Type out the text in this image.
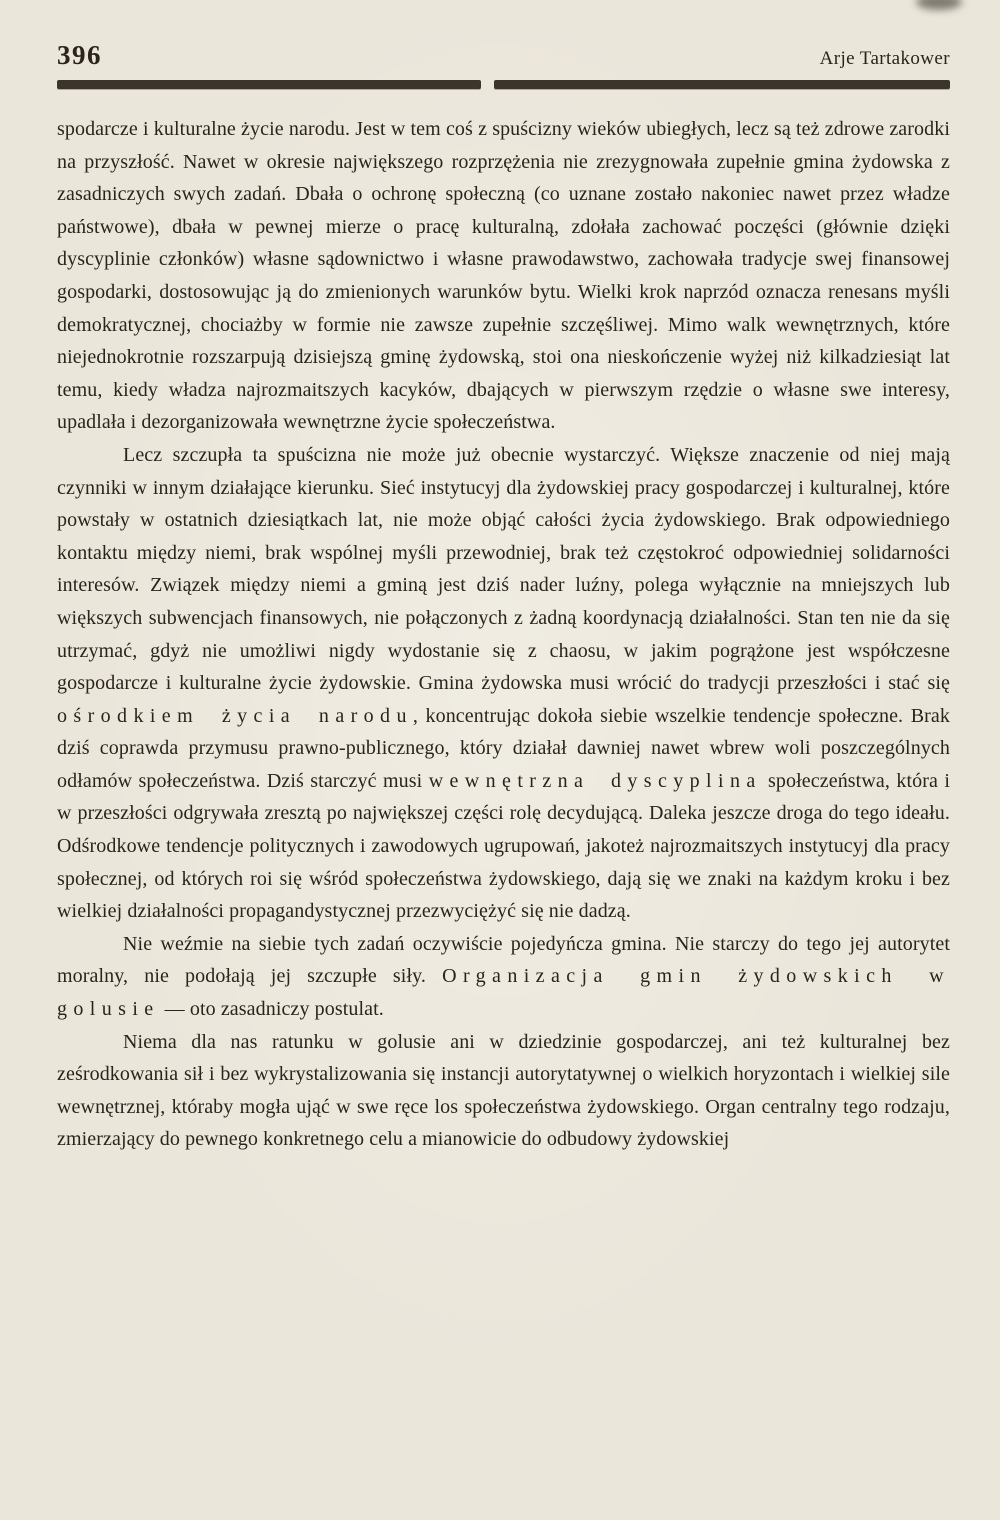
396	Arje Tartakower

spodarcze i kulturalne życie narodu. Jest w tem coś z spuścizny wieków ubiegłych, lecz są też zdrowe zarodki na przyszłość. Nawet w okresie największego rozprzężenia nie zrezygnowała zupełnie gmina żydowska z zasadniczych swych zadań. Dbała o ochronę społeczną (co uznane zostało nakoniec nawet przez władze państwowe), dbała w pewnej mierze o pracę kulturalną, zdołała zachować poczęści (głównie dzięki dyscyplinie członków) własne sądownictwo i własne prawodawstwo, zachowała tradycje swej finansowej gospodarki, dostosowując ją do zmienionych warunków bytu. Wielki krok naprzód oznacza renesans myśli demokratycznej, chociażby w formie nie zawsze zupełnie szczęśliwej. Mimo walk wewnętrznych, które niejednokrotnie rozszarpują dzisiejszą gminę żydowską, stoi ona nieskończenie wyżej niż kilkadziesiąt lat temu, kiedy władza najrozmaitszych kacyków, dbających w pierwszym rzędzie o własne swe interesy, upadlała i dezorganizowała wewnętrzne życie społeczeństwa.

Lecz szczupła ta spuścizna nie może już obecnie wystarczyć. Większe znaczenie od niej mają czynniki w innym działające kierunku. Sieć instytucyj dla żydowskiej pracy gospodarczej i kulturalnej, które powstały w ostatnich dziesiątkach lat, nie może objąć całości życia żydowskiego. Brak odpowiedniego kontaktu między niemi, brak wspólnej myśli przewodniej, brak też częstokroć odpowiedniej solidarności interesów. Związek między niemi a gminą jest dziś nader luźny, polega wyłącznie na mniejszych lub większych subwencjach finansowych, nie połączonych z żadną koordynacją działalności. Stan ten nie da się utrzymać, gdyż nie umożliwi nigdy wydostanie się z chaosu, w jakim pogrążone jest współczesne gospodarcze i kulturalne życie żydowskie. Gmina żydowska musi wrócić do tradycji przeszłości i stać się ośrodkiem życia narodu, koncentrując dokoła siebie wszelkie tendencje społeczne. Brak dziś coprawda przymusu prawno-publicznego, który działał dawniej nawet wbrew woli poszczególnych odłamów społeczeństwa. Dziś starczyć musi wewnętrzna dyscyplina społeczeństwa, która i w przeszłości odgrywała zresztą po największej części rolę decydującą. Daleka jeszcze droga do tego ideału. Odśrodkowe tendencje politycznych i zawodowych ugrupowań, jakoteż najrozmaitszych instytucyj dla pracy społecznej, od których roi się wśród społeczeństwa żydowskiego, dają się we znaki na każdym kroku i bez wielkiej działalności propagandystycznej przezwyciężyć się nie dadzą.

Nie weźmie na siebie tych zadań oczywiście pojedyńcza gmina. Nie starczy do tego jej autorytet moralny, nie podołają jej szczupłe siły. Organizacja gmin żydowskich w golusie — oto zasadniczy postulat.

Niema dla nas ratunku w golusie ani w dziedzinie gospodarczej, ani też kulturalnej bez ześrodkowania sił i bez wykrystalizowania się instancji autorytatywnej o wielkich horyzontach i wielkiej sile wewnętrznej, któraby mogła ująć w swe ręce los społeczeństwa żydowskiego. Organ centralny tego rodzaju, zmierzający do pewnego konkretnego celu a mianowicie do odbudowy żydowskiej
